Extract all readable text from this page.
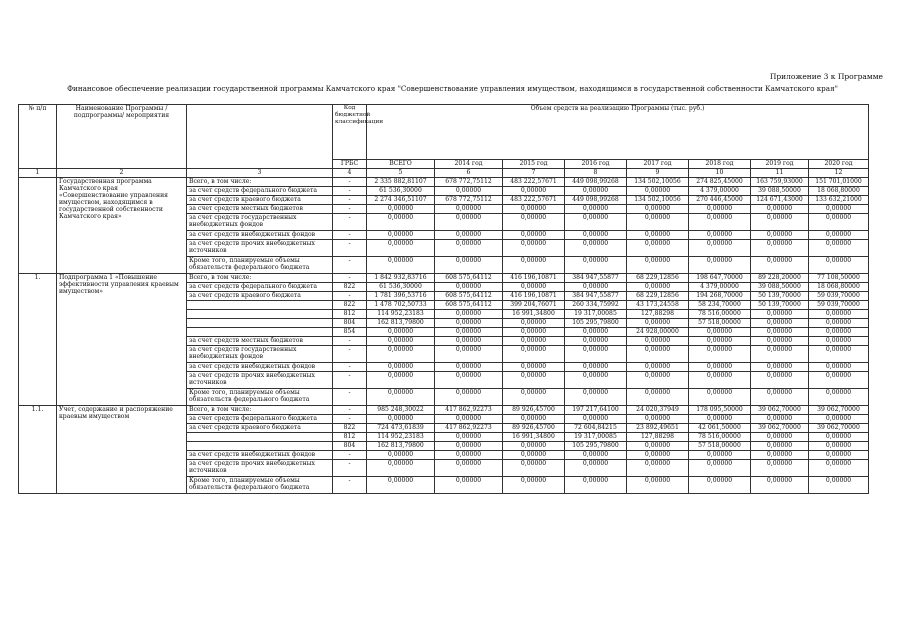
Приложение 3 к Программе
Финансовое обеспечение реализации государственной программы Камчатского края "Совершенствование управления имуществом, находящимся в государственной собственности Камчатского края"
№ п/п	Наименование Программы /подпрограммы/ мероприятия		Код бюджетной классификации	Объем средств на реализацию Программы (тыс. руб.)							
			ГРБС	ВСЕГО	2014 год	2015 год	2016 год	2017 год	2018 год	2019 год	2020 год
1	2	3	4	5	6	7	8	9	10	11	12
	Государственная программа Камчатского края «Совершенствование управления имуществом, находящимся в государственной собственности Камчатского края»	Всего, в том числе:	-	2 335 882,81107	678 772,75112	483 222,57671	449 098,99268	134 502,10056	274 825,45000	163 759,93000	151 701,01000
		за счет средств федерального бюджета	-	61 536,30000	0,00000	0,00000	0,00000	0,00000	4 379,00000	39 088,50000	18 068,80000
		за счет средств краевого бюджета	-	2 274 346,51107	678 772,75112	483 222,57671	449 098,99268	134 502,10056	270 446,45000	124 671,43000	133 632,21000
		за счет средств местных бюджетов	-	0,00000	0,00000	0,00000	0,00000	0,00000	0,00000	0,00000	0,00000
		за счет средств государственных внебюджетных фондов	-	0,00000	0,00000	0,00000	0,00000	0,00000	0,00000	0,00000	0,00000
		за счет средств внебюджетных фондов	-	0,00000	0,00000	0,00000	0,00000	0,00000	0,00000	0,00000	0,00000
		за счет средств прочих внебюджетных источников	-	0,00000	0,00000	0,00000	0,00000	0,00000	0,00000	0,00000	0,00000
		Кроме того, планируемые объемы обязательств федерального бюджета	-	0,00000	0,00000	0,00000	0,00000	0,00000	0,00000	0,00000	0,00000
1.	Подпрограмма 1 «Повышение эффективности управления краевым имуществом»	Всего, в том числе:	-	1 842 932,83716	608 575,64112	416 196,10871	384 947,55877	68 229,12856	198 647,70000	89 228,20000	77 108,50000
		за счет средств федерального бюджета	822	61 536,30000	0,00000	0,00000	0,00000	0,00000	4 379,00000	39 088,50000	18 068,80000
		за счет средств краевого бюджета	-	1 781 396,53716	608 575,64112	416 196,10871	384 947,55877	68 229,12856	194 268,70000	50 139,70000	59 039,70000
			822	1 478 702,50733	608 575,64112	399 204,76071	260 334,75992	43 173,24558	58 234,70000	50 139,70000	59 039,70000
			812	114 952,23183	0,00000	16 991,34800	19 317,00085	127,88298	78 516,00000	0,00000	0,00000
			804	162 813,79800	0,00000	0,00000	105 295,79800	0,00000	57 518,00000	0,00000	0,00000
			854	0,00000	0,00000	0,00000	0,00000	24 928,00000	0,00000	0,00000	0,00000
		за счет средств местных бюджетов	-	0,00000	0,00000	0,00000	0,00000	0,00000	0,00000	0,00000	0,00000
		за счет средств государственных внебюджетных фондов	-	0,00000	0,00000	0,00000	0,00000	0,00000	0,00000	0,00000	0,00000
		за счет средств внебюджетных фондов	-	0,00000	0,00000	0,00000	0,00000	0,00000	0,00000	0,00000	0,00000
		за счет средств прочих внебюджетных источников	-	0,00000	0,00000	0,00000	0,00000	0,00000	0,00000	0,00000	0,00000
		Кроме того, планируемые объемы обязательств федерального бюджета	-	0,00000	0,00000	0,00000	0,00000	0,00000	0,00000	0,00000	0,00000
1.1.	Учет, содержание и распоряжение краевым имуществом	Всего, в том числе:	-	985 248,30022	417 862,92273	89 926,45700	197 217,64100	24 020,37949	178 095,50000	39 062,70000	39 062,70000
		за счет средств федерального бюджета	-	0,00000	0,00000	0,00000	0,00000	0,00000	0,00000	0,00000	0,00000
		за счет средств краевого бюджета	822	724 473,61839	417 862,92273	89 926,45700	72 604,84215	23 892,49651	42 061,50000	39 062,70000	39 062,70000
			812	114 952,23183	0,00000	16 991,34800	19 317,00085	127,88298	78 516,00000	0,00000	0,00000
			804	162 813,79800	0,00000	0,00000	105 295,79800	0,00000	57 518,00000	0,00000	0,00000
		за счет средств внебюджетных фондов	-	0,00000	0,00000	0,00000	0,00000	0,00000	0,00000	0,00000	0,00000
		за счет средств прочих внебюджетных источников	-	0,00000	0,00000	0,00000	0,00000	0,00000	0,00000	0,00000	0,00000
		Кроме того, планируемые объемы обязательств федерального бюджета	-	0,00000	0,00000	0,00000	0,00000	0,00000	0,00000	0,00000	0,00000
